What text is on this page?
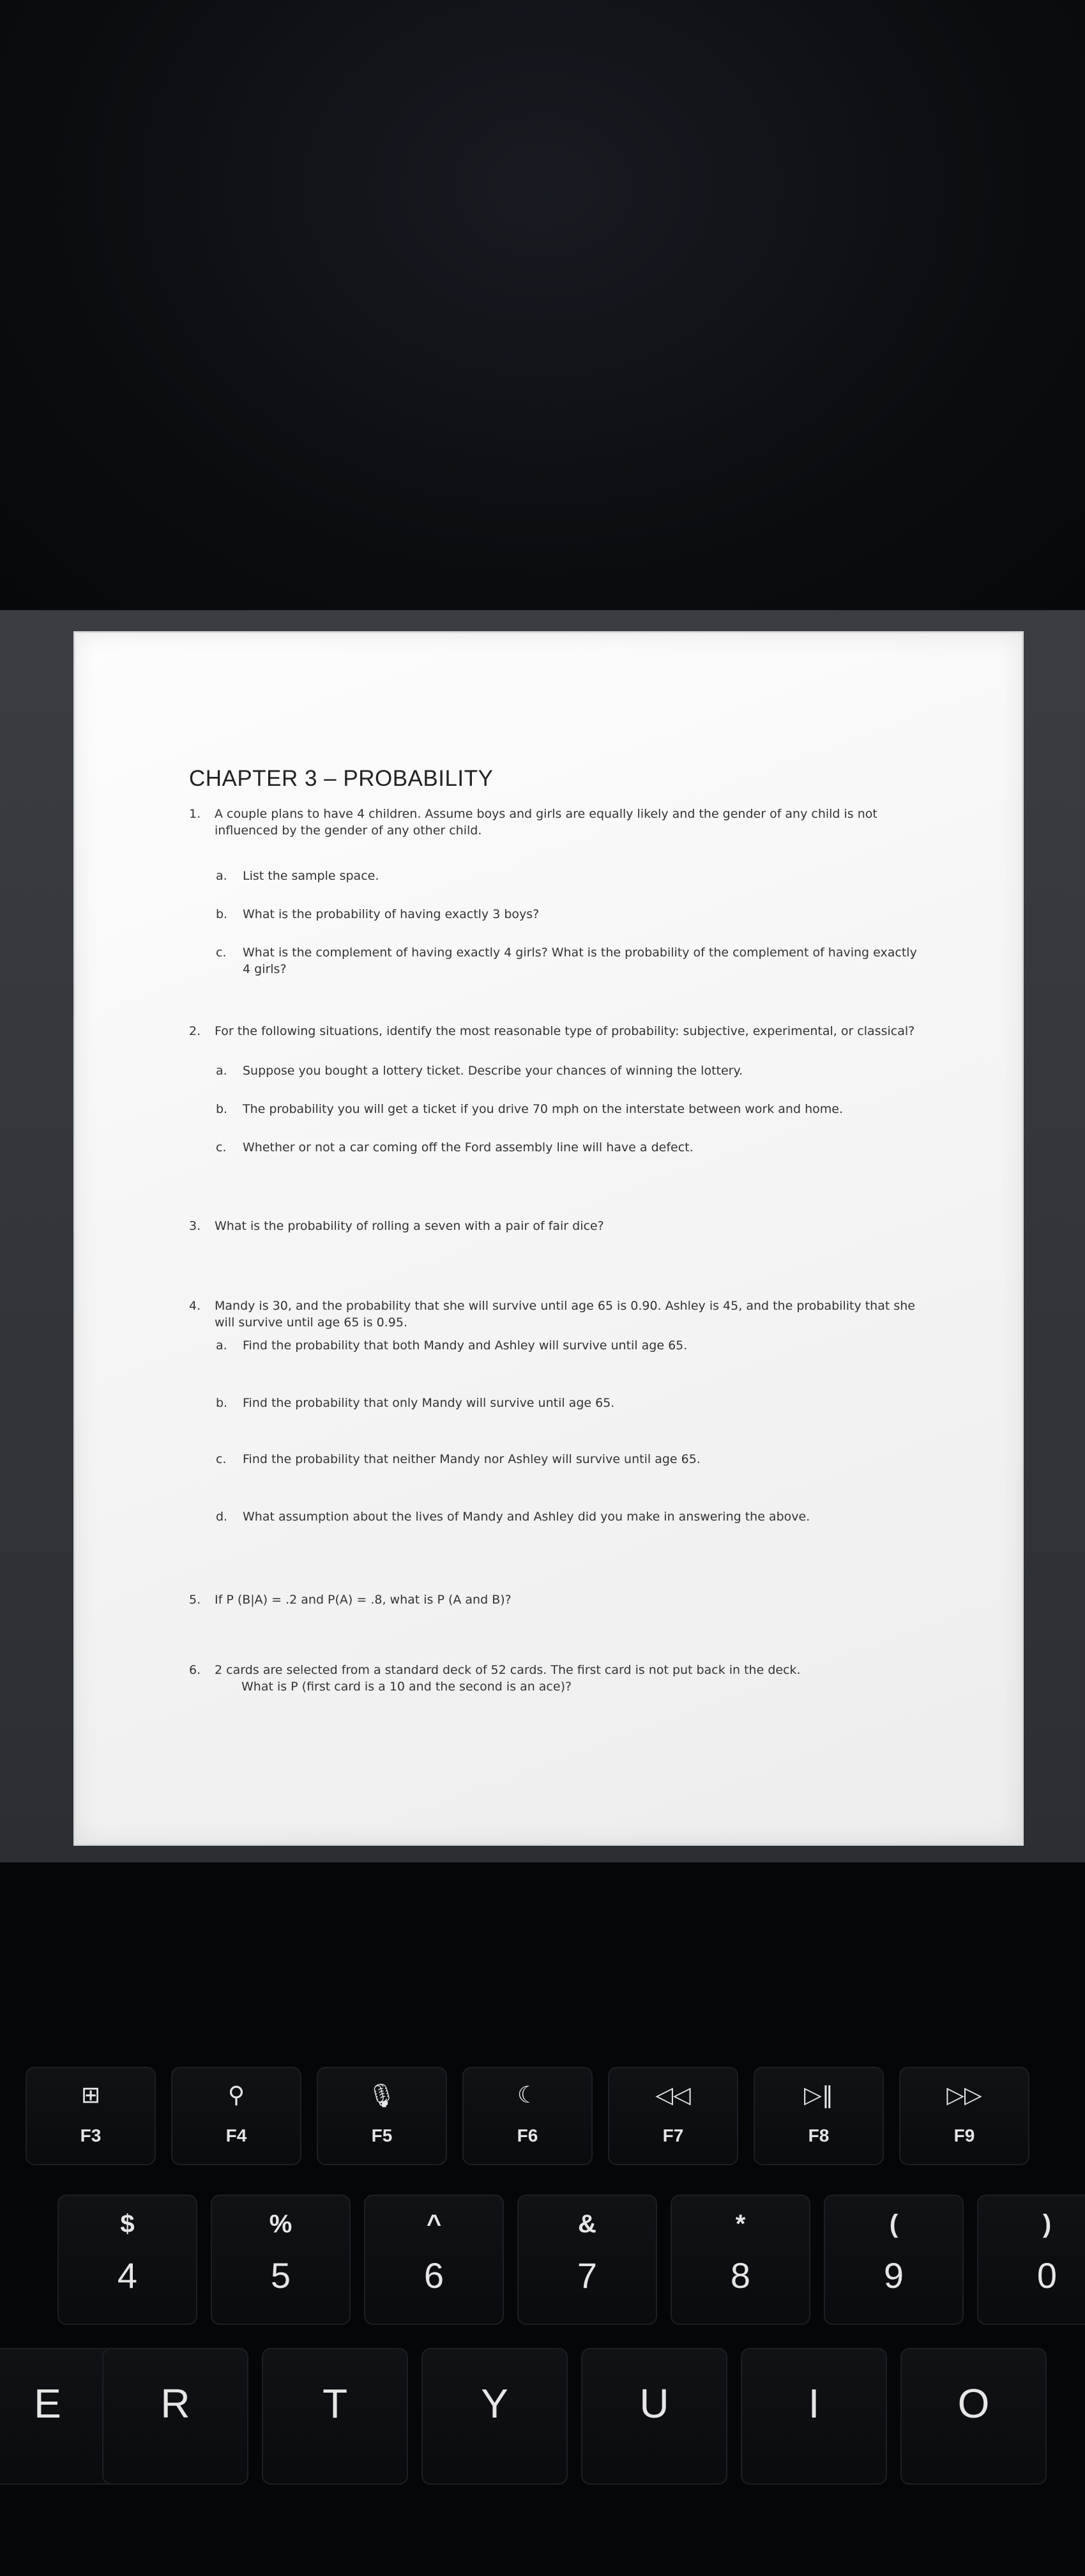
CHAPTER 3 – PROBABILITY
1. A couple plans to have 4 children. Assume boys and girls are equally likely and the gender of any child is not influenced by the gender of any other child.
a. List the sample space.
b. What is the probability of having exactly 3 boys?
c. What is the complement of having exactly 4 girls? What is the probability of the complement of having exactly 4 girls?
2. For the following situations, identify the most reasonable type of probability: subjective, experimental, or classical?
a. Suppose you bought a lottery ticket. Describe your chances of winning the lottery.
b. The probability you will get a ticket if you drive 70 mph on the interstate between work and home.
c. Whether or not a car coming off the Ford assembly line will have a defect.
3. What is the probability of rolling a seven with a pair of fair dice?
4. Mandy is 30, and the probability that she will survive until age 65 is 0.90. Ashley is 45, and the probability that she will survive until age 65 is 0.95.
a. Find the probability that both Mandy and Ashley will survive until age 65.
b. Find the probability that only Mandy will survive until age 65.
c. Find the probability that neither Mandy nor Ashley will survive until age 65.
d. What assumption about the lives of Mandy and Ashley did you make in answering the above.
5. If P (B|A) = .2 and P(A) = .8, what is P (A and B)?
6. 2 cards are selected from a standard deck of 52 cards. The first card is not put back in the deck.
What is P (first card is a 10 and the second is an ace)?
⊞
F3
⚲
F4
🎙
F5
☾
F6
◁◁
F7
▷‖
F8
▷▷
F9
$
4
%
5
^
6
&
7
*
8
(
9
)
0
E	R	T	Y	U	I	O
